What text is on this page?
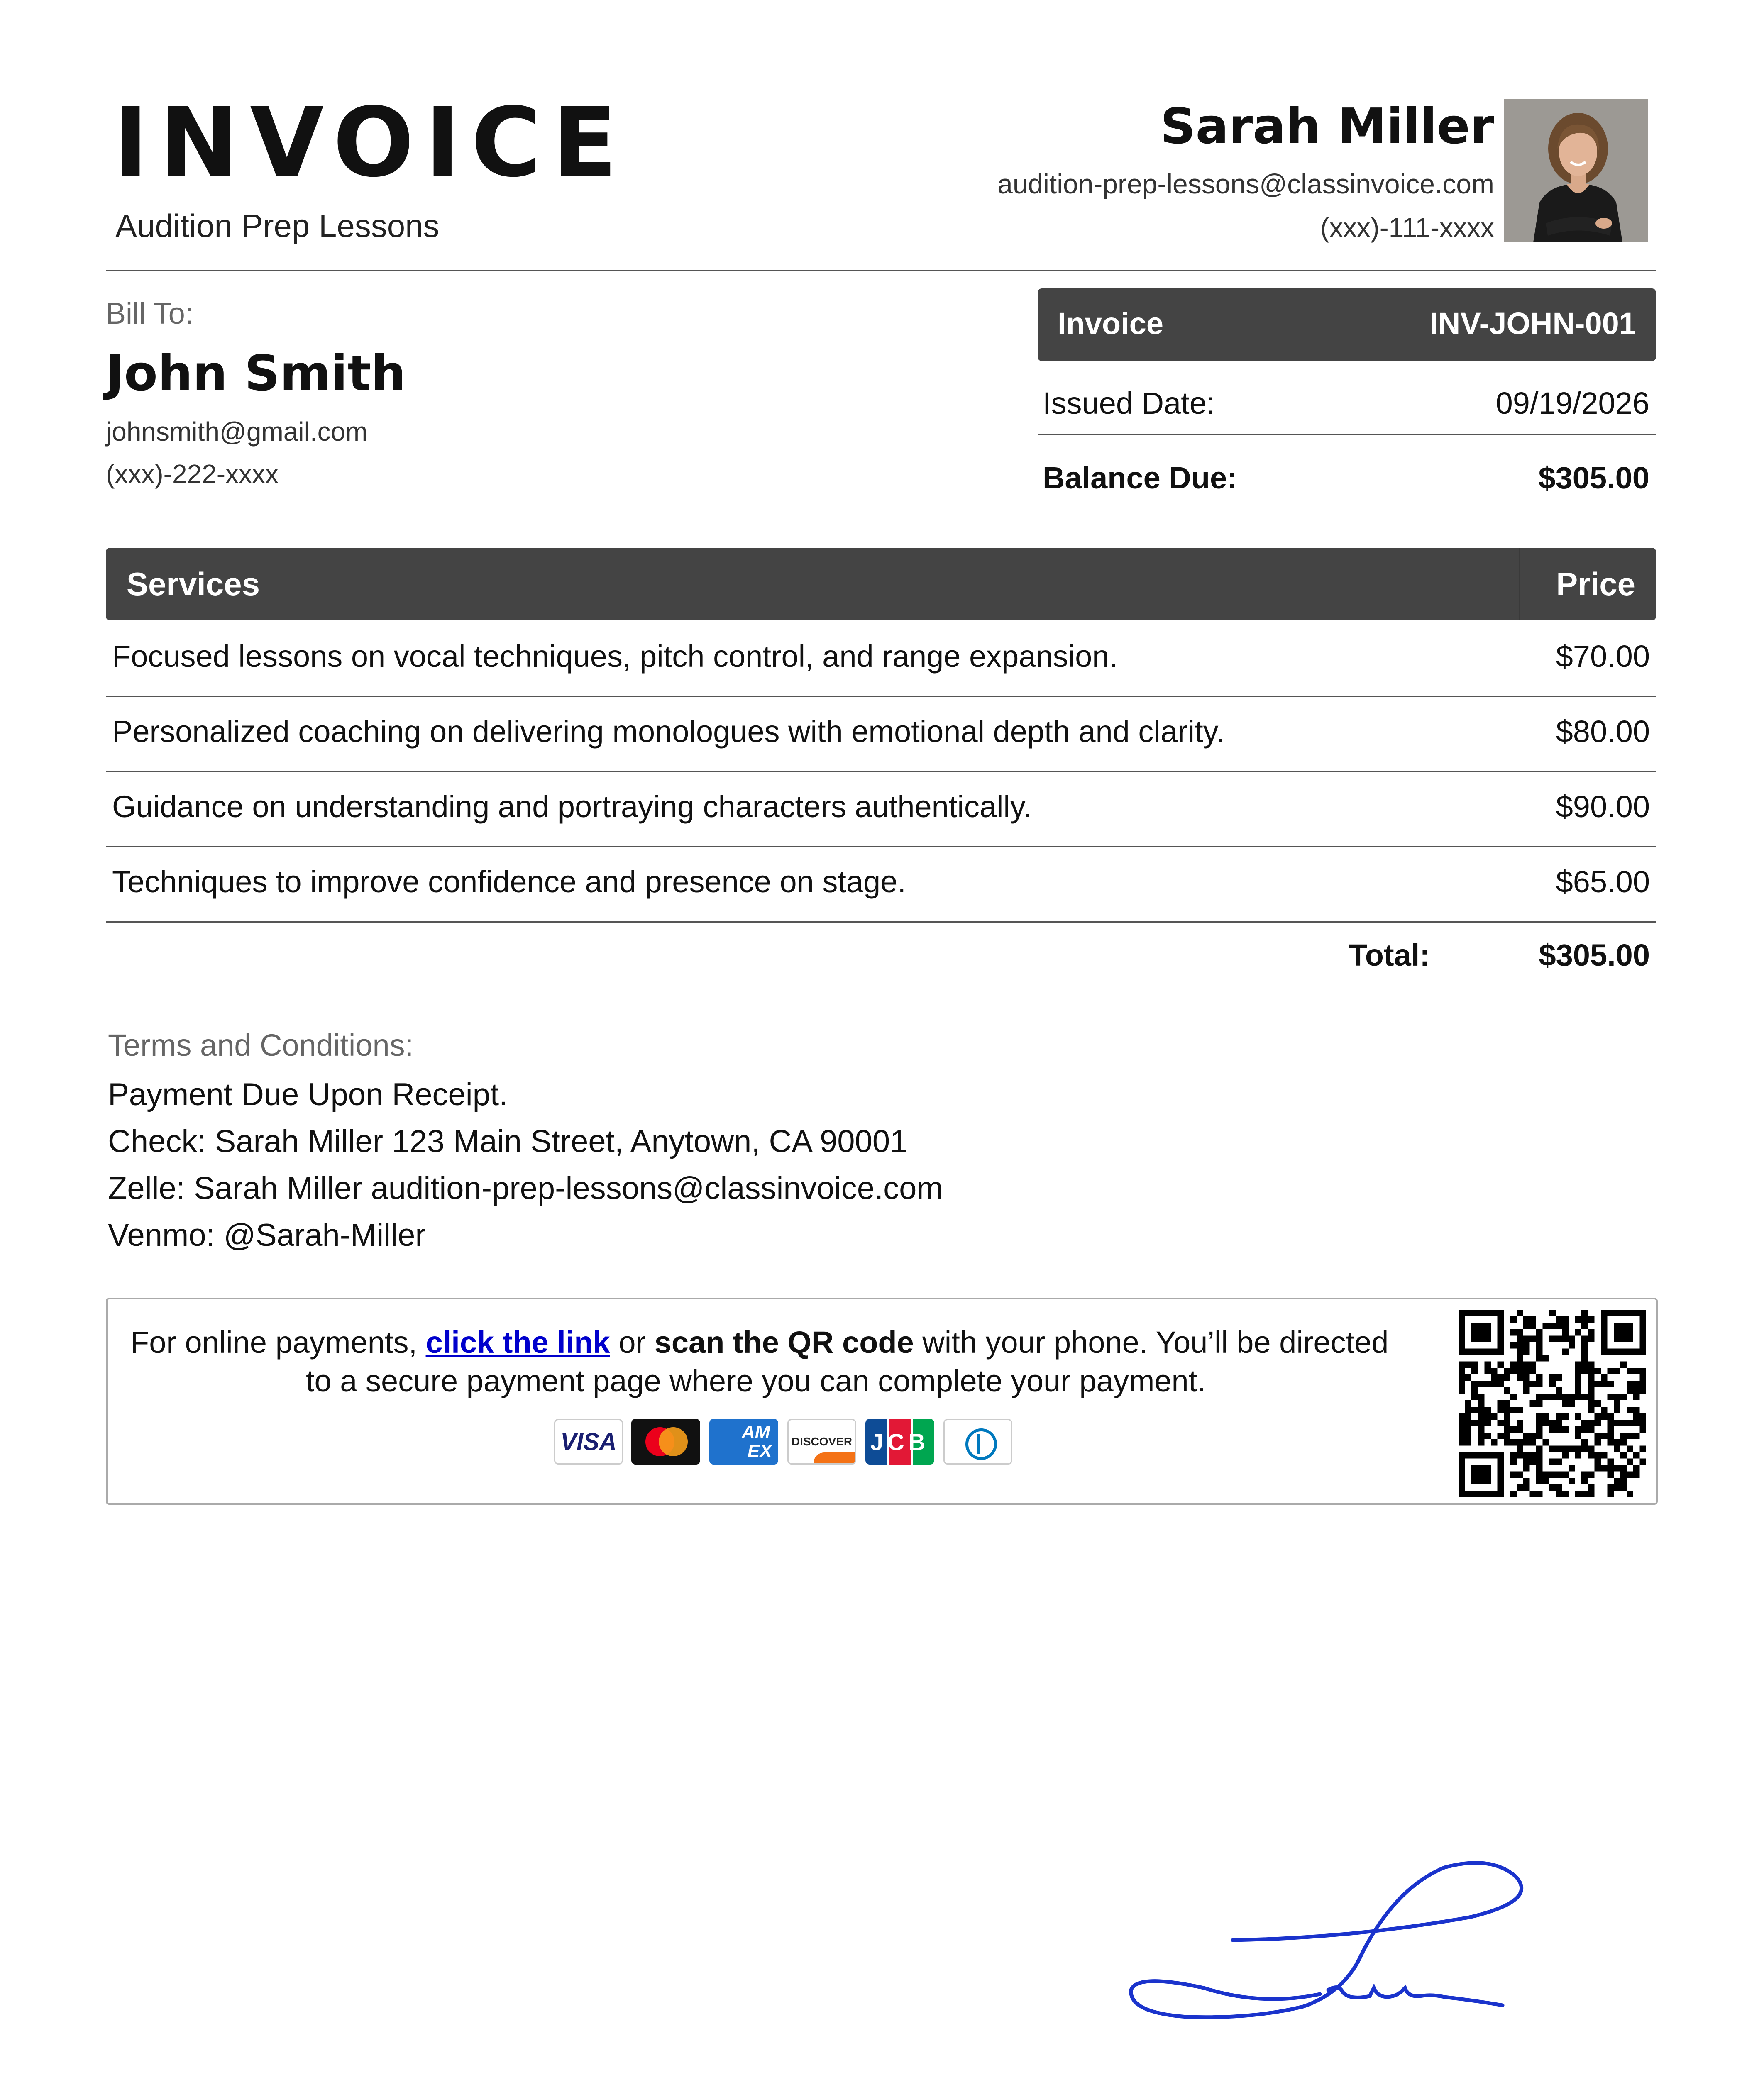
INVOICE
Audition Prep Lessons
Sarah Miller
audition-prep-lessons@classinvoice.com
(xxx)-111-xxxx
Bill To:
John Smith
johnsmith@gmail.com
(xxx)-222-xxxx
Invoice	INV-JOHN-001
Issued Date:	09/19/2026
Balance Due:	$305.00
Services	Price
Focused lessons on vocal techniques, pitch control, and range expansion.	$70.00
Personalized coaching on delivering monologues with emotional depth and clarity.	$80.00
Guidance on understanding and portraying characters authentically.	$90.00
Techniques to improve confidence and presence on stage.	$65.00
Total:	$305.00
Terms and Conditions:
Payment Due Upon Receipt.
Check: Sarah Miller 123 Main Street, Anytown, CA 90001
Zelle: Sarah Miller audition-prep-lessons@classinvoice.com
Venmo: @Sarah-Miller
For online payments, click the link or scan the QR code with your phone. You’ll be directed
to a secure payment page where you can complete your payment.
VISA	AM
EX DISCOVER JCB
